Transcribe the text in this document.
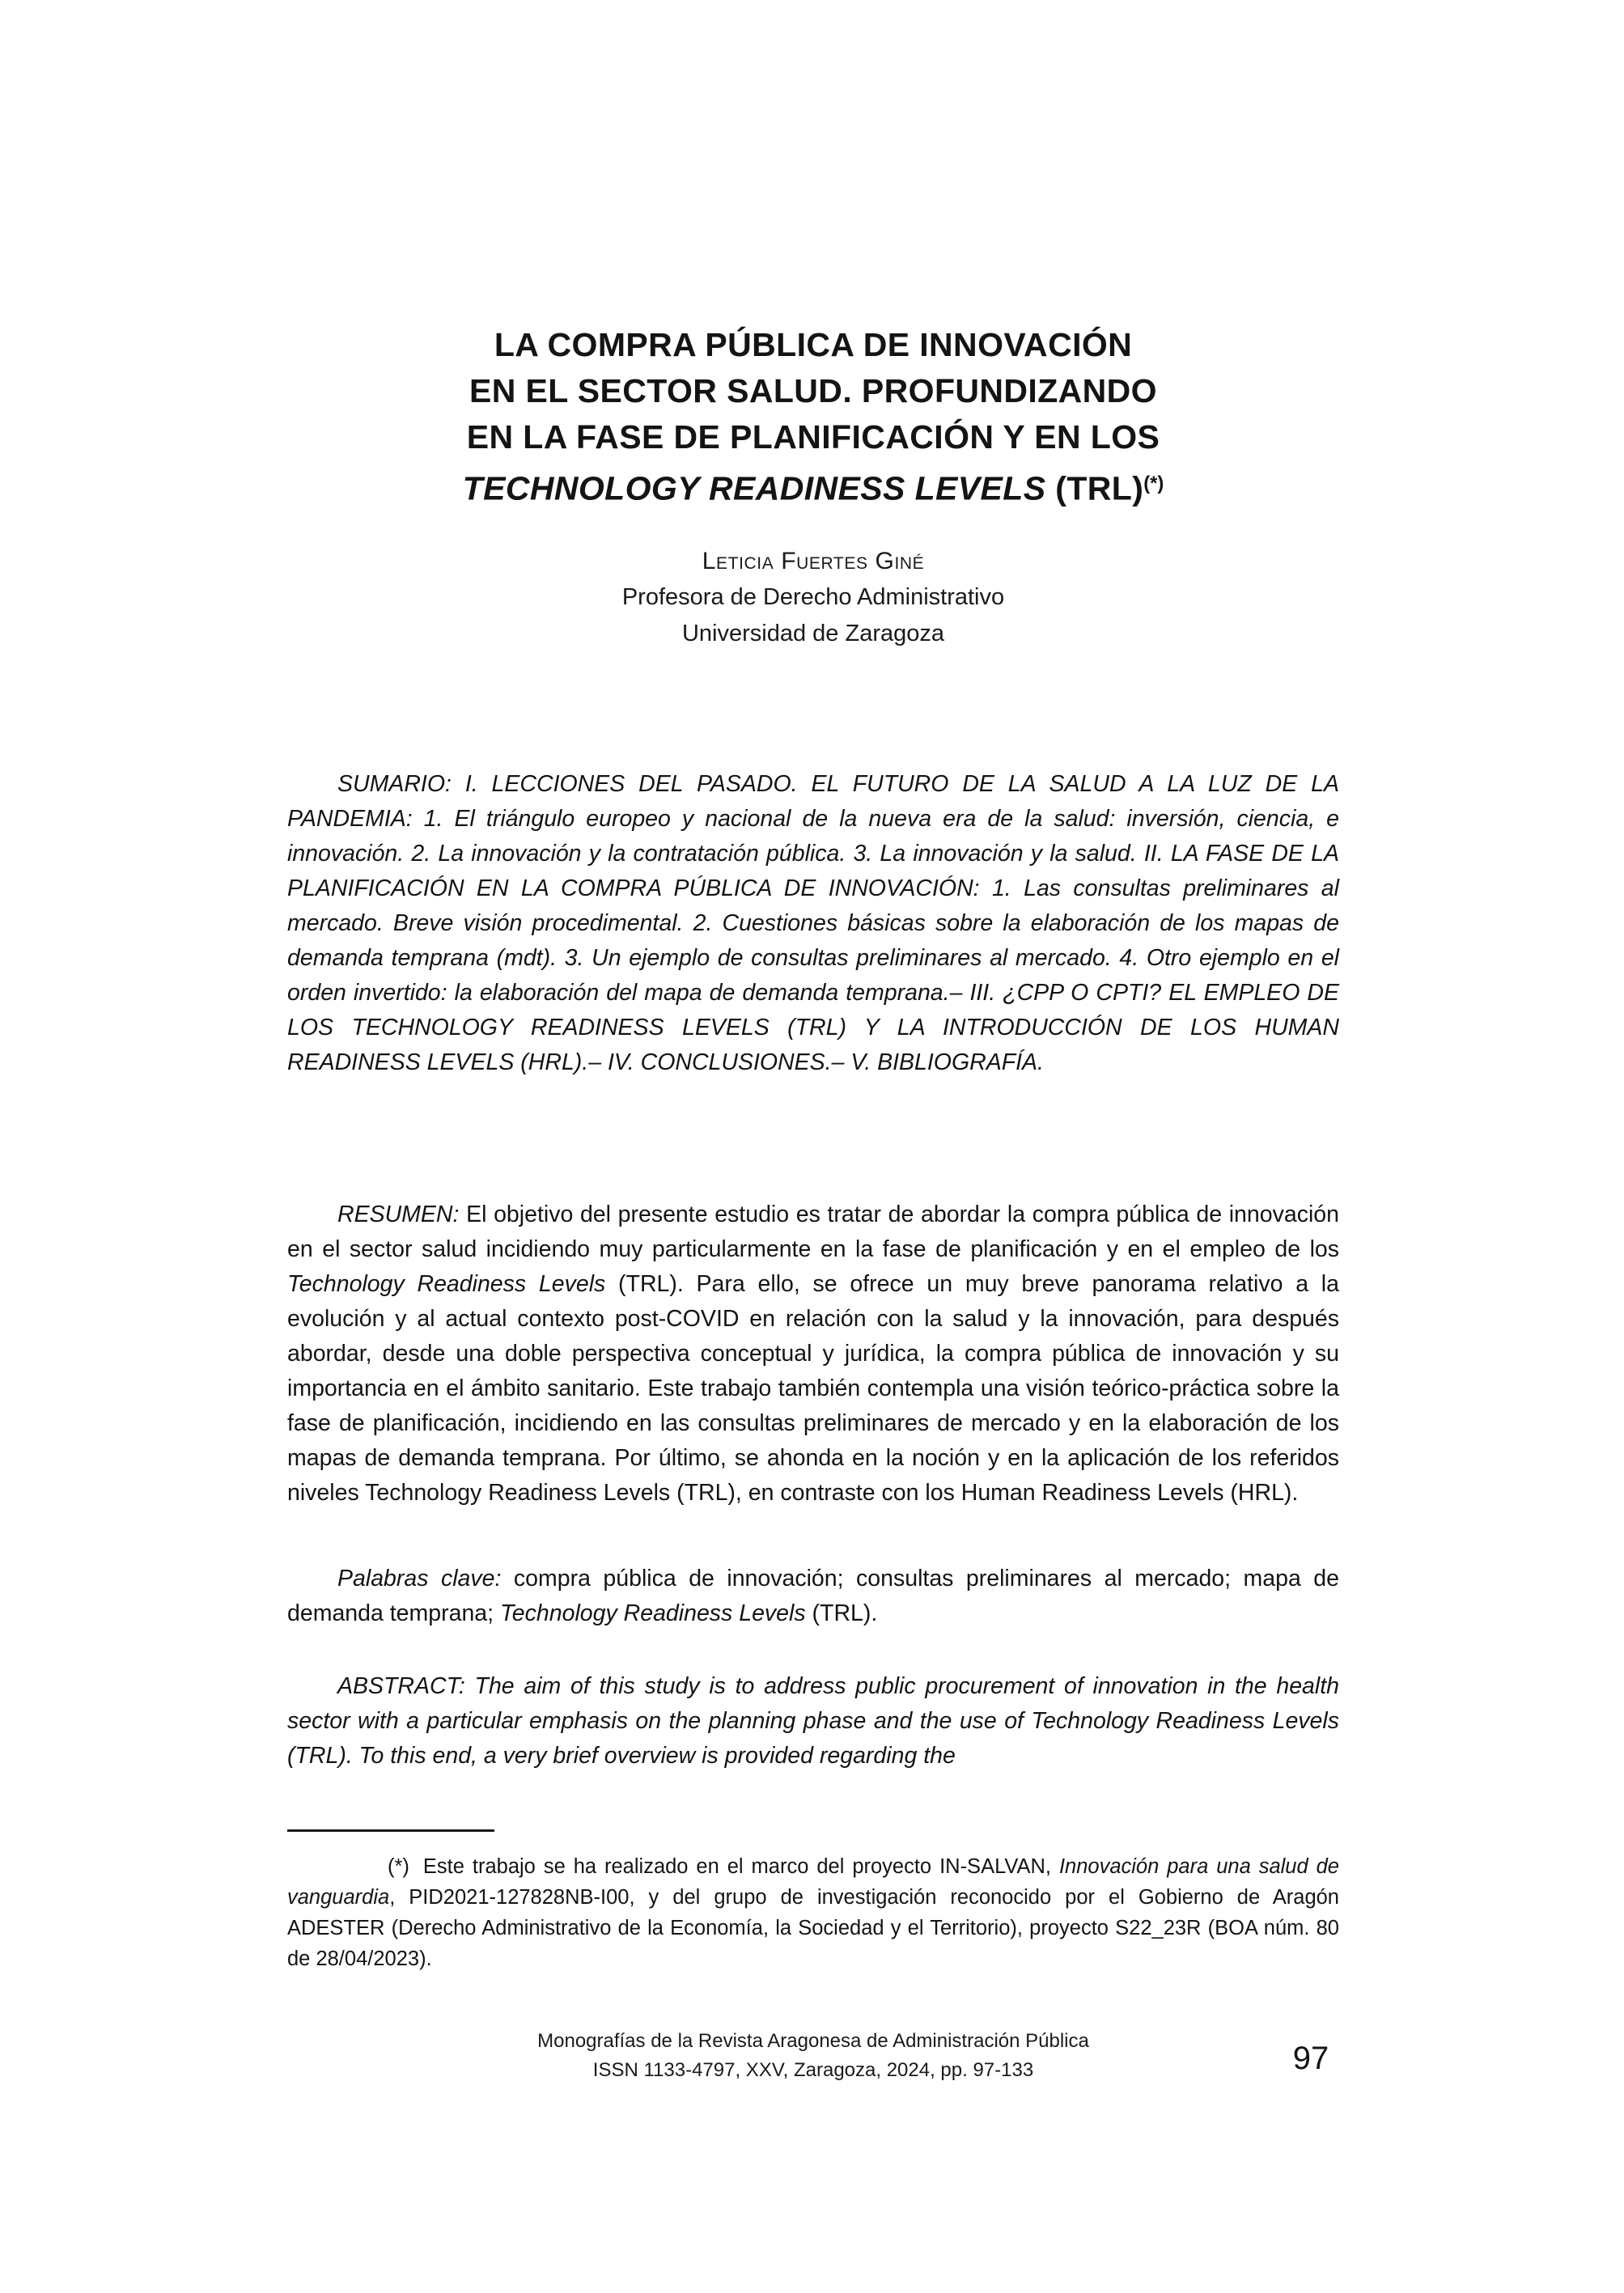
LA COMPRA PÚBLICA DE INNOVACIÓN
EN EL SECTOR SALUD. PROFUNDIZANDO
EN LA FASE DE PLANIFICACIÓN Y EN LOS
TECHNOLOGY READINESS LEVELS (TRL)(*)
Leticia Fuertes Giné
Profesora de Derecho Administrativo
Universidad de Zaragoza

SUMARIO: I. LECCIONES DEL PASADO. EL FUTURO DE LA SALUD A LA LUZ DE LA PANDEMIA: 1. El triángulo europeo y nacional de la nueva era de la salud: inversión, ciencia, e innovación. 2. La innovación y la contratación pública. 3. La innovación y la salud. II. LA FASE DE LA PLANIFICACIÓN EN LA COMPRA PÚBLICA DE INNOVACIÓN: 1. Las consultas preliminares al mercado. Breve visión procedimental. 2. Cuestiones básicas sobre la elaboración de los mapas de demanda temprana (mdt). 3. Un ejemplo de consultas preliminares al mercado. 4. Otro ejemplo en el orden invertido: la elaboración del mapa de demanda temprana.– III. ¿CPP O CPTI? EL EMPLEO DE LOS TECHNOLOGY READINESS LEVELS (TRL) Y LA INTRODUCCIÓN DE LOS HUMAN READINESS LEVELS (HRL).– IV. CONCLUSIONES.– V. BIBLIOGRAFÍA.

RESUMEN: El objetivo del presente estudio es tratar de abordar la compra pública de innovación en el sector salud incidiendo muy particularmente en la fase de planificación y en el empleo de los Technology Readiness Levels (TRL). Para ello, se ofrece un muy breve panorama relativo a la evolución y al actual contexto post-COVID en relación con la salud y la innovación, para después abordar, desde una doble perspectiva conceptual y jurídica, la compra pública de innovación y su importancia en el ámbito sanitario. Este trabajo también contempla una visión teórico-práctica sobre la fase de planificación, incidiendo en las consultas preliminares de mercado y en la elaboración de los mapas de demanda temprana. Por último, se ahonda en la noción y en la aplicación de los referidos niveles Technology Readiness Levels (TRL), en contraste con los Human Readiness Levels (HRL).

Palabras clave: compra pública de innovación; consultas preliminares al mercado; mapa de demanda temprana; Technology Readiness Levels (TRL).

ABSTRACT: The aim of this study is to address public procurement of innovation in the health sector with a particular emphasis on the planning phase and the use of Technology Readiness Levels (TRL). To this end, a very brief overview is provided regarding the

(*) Este trabajo se ha realizado en el marco del proyecto IN-SALVAN, Innovación para una salud de vanguardia, PID2021-127828NB-I00, y del grupo de investigación reconocido por el Gobierno de Aragón ADESTER (Derecho Administrativo de la Economía, la Sociedad y el Territorio), proyecto S22_23R (BOA núm. 80 de 28/04/2023).

Monografías de la Revista Aragonesa de Administración Pública
ISSN 1133-4797, XXV, Zaragoza, 2024, pp. 97-133	97
